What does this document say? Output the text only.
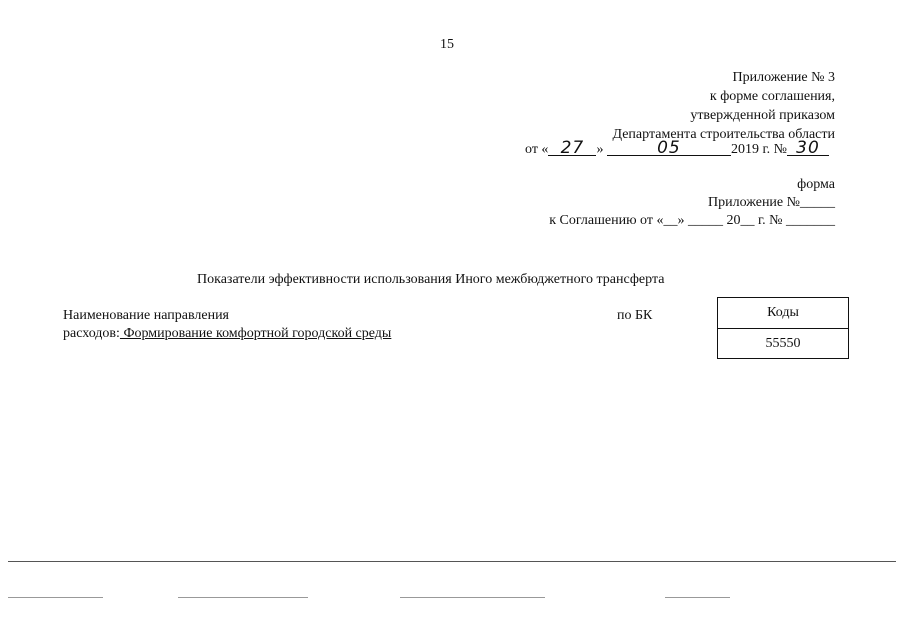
15
Приложение № 3
к форме соглашения,
утвержденной приказом
Департамента строительства области
от « 27 »	05	2019 г. № 30
форма
Приложение №_____
к Соглашению от «__» _____ 20__ г. № _______
Показатели эффективности использования Иного межбюджетного трансферта
Наименование направления
расходов: Формирование комфортной городской среды
по БК	Коды
55550
